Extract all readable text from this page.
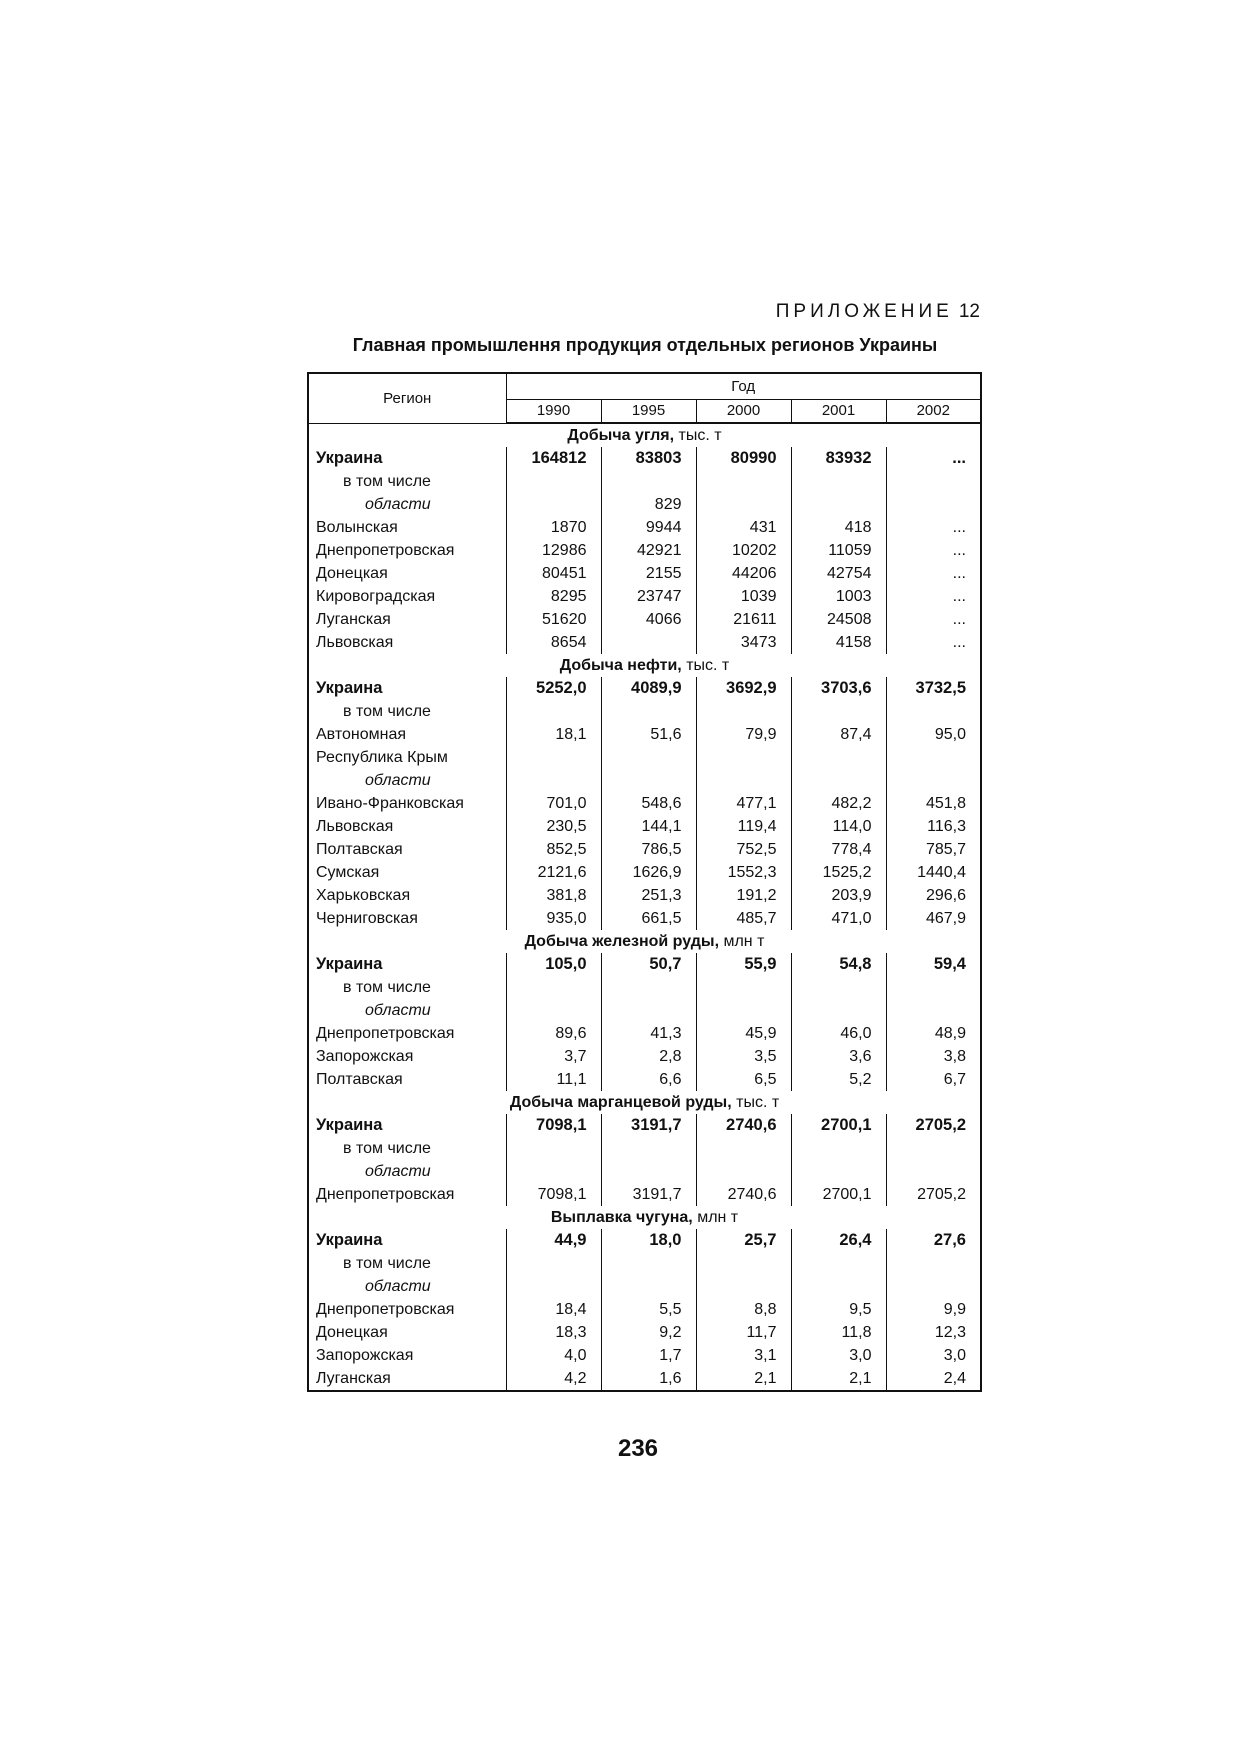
ПРИЛОЖЕНИЕ 12
Главная промышлення продукция отдельных регионов Украины
Регион	Год				
	1990	1995	2000	2001	2002
Добыча угля, тыс. т					
Украина	164812	83803	80990	83932	...
в том числе					
области		829			
Волынская	1870	9944	431	418	...
Днепропетровская	12986	42921	10202	11059	...
Донецкая	80451	2155	44206	42754	...
Кировоградская	8295	23747	1039	1003	...
Луганская	51620	4066	21611	24508	...
Львовская	8654		3473	4158	...
Добыча нефти, тыс. т					
Украина	5252,0	4089,9	3692,9	3703,6	3732,5
в том числе					
Автономная	18,1	51,6	79,9	87,4	95,0
Республика Крым					
области					
Ивано-Франковская	701,0	548,6	477,1	482,2	451,8
Львовская	230,5	144,1	119,4	114,0	116,3
Полтавская	852,5	786,5	752,5	778,4	785,7
Сумская	2121,6	1626,9	1552,3	1525,2	1440,4
Харьковская	381,8	251,3	191,2	203,9	296,6
Черниговская	935,0	661,5	485,7	471,0	467,9
Добыча железной руды, млн т					
Украина	105,0	50,7	55,9	54,8	59,4
в том числе					
области					
Днепропетровская	89,6	41,3	45,9	46,0	48,9
Запорожская	3,7	2,8	3,5	3,6	3,8
Полтавская	11,1	6,6	6,5	5,2	6,7
Добыча марганцевой руды, тыс. т					
Украина	7098,1	3191,7	2740,6	2700,1	2705,2
в том числе					
области					
Днепропетровская	7098,1	3191,7	2740,6	2700,1	2705,2
Выплавка чугуна, млн т					
Украина	44,9	18,0	25,7	26,4	27,6
в том числе					
области					
Днепропетровская	18,4	5,5	8,8	9,5	9,9
Донецкая	18,3	9,2	11,7	11,8	12,3
Запорожская	4,0	1,7	3,1	3,0	3,0
Луганская	4,2	1,6	2,1	2,1	2,4
236
